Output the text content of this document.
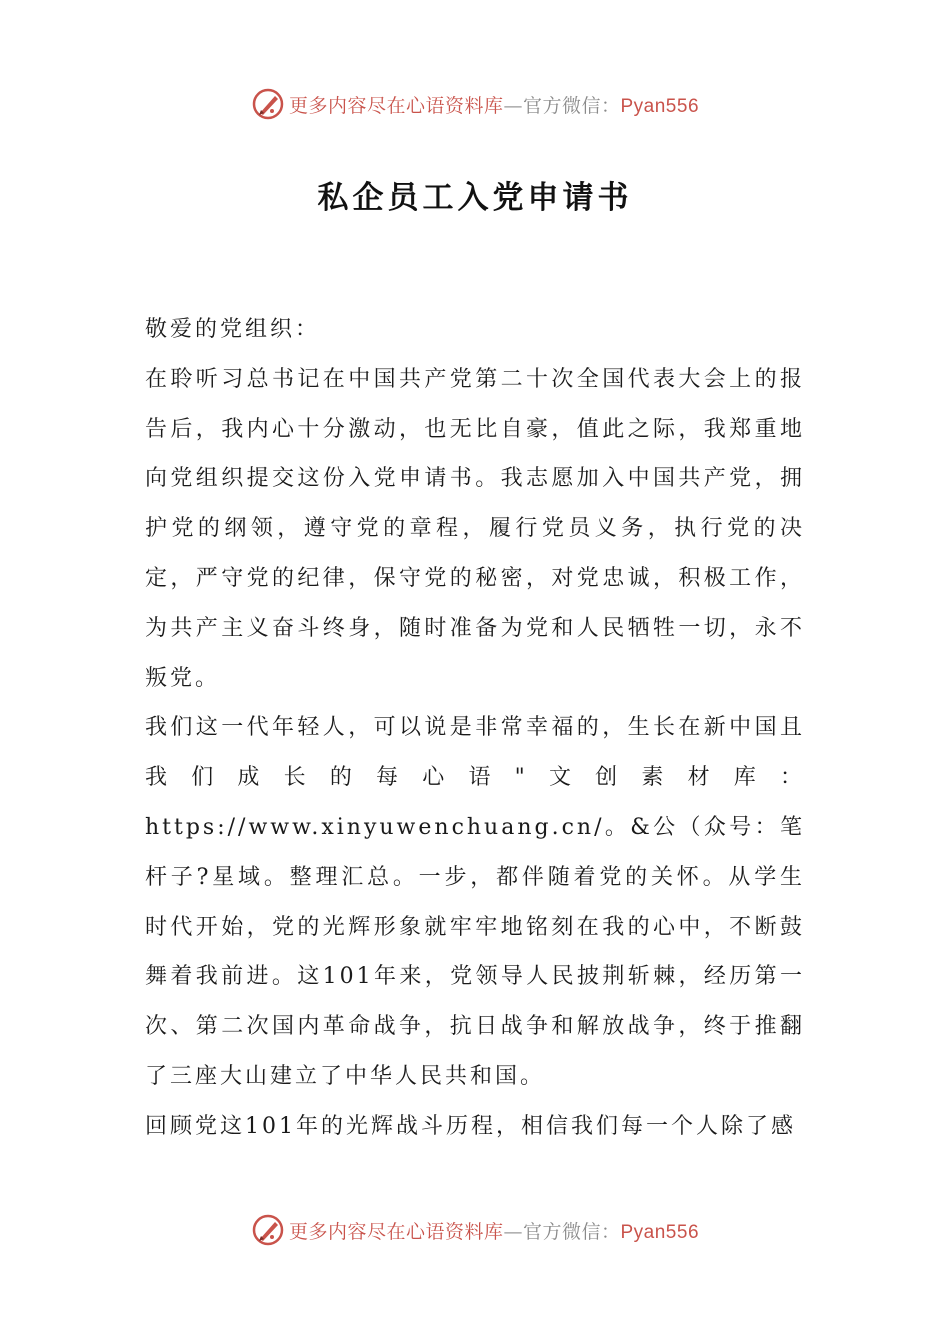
更多内容尽在心语资料库—官方微信：Pyan556
私企员工入党申请书

敬爱的党组织：

在聆听习总书记在中国共产党第二十次全国代表大会上的报告后，我内心十分激动，也无比自豪，值此之际，我郑重地向党组织提交这份入党申请书。我志愿加入中国共产党，拥护党的纲领，遵守党的章程，履行党员义务，执行党的决定，严守党的纪律，保守党的秘密，对党忠诚，积极工作，为共产主义奋斗终身，随时准备为党和人民牺牲一切，永不叛党。

我们这一代年轻人，可以说是非常幸福的，生长在新中国且我们成长的每心语"文创素材库：https://www.xinyuwenchuang.cn/。&公（众号：笔杆子?星域。整理汇总。一步，都伴随着党的关怀。从学生时代开始，党的光辉形象就牢牢地铭刻在我的心中，不断鼓舞着我前进。这101年来，党领导人民披荆斩棘，经历第一次、第二次国内革命战争，抗日战争和解放战争，终于推翻了三座大山建立了中华人民共和国。

回顾党这101年的光辉战斗历程，相信我们每一个人除了感

更多内容尽在心语资料库—官方微信：Pyan556
